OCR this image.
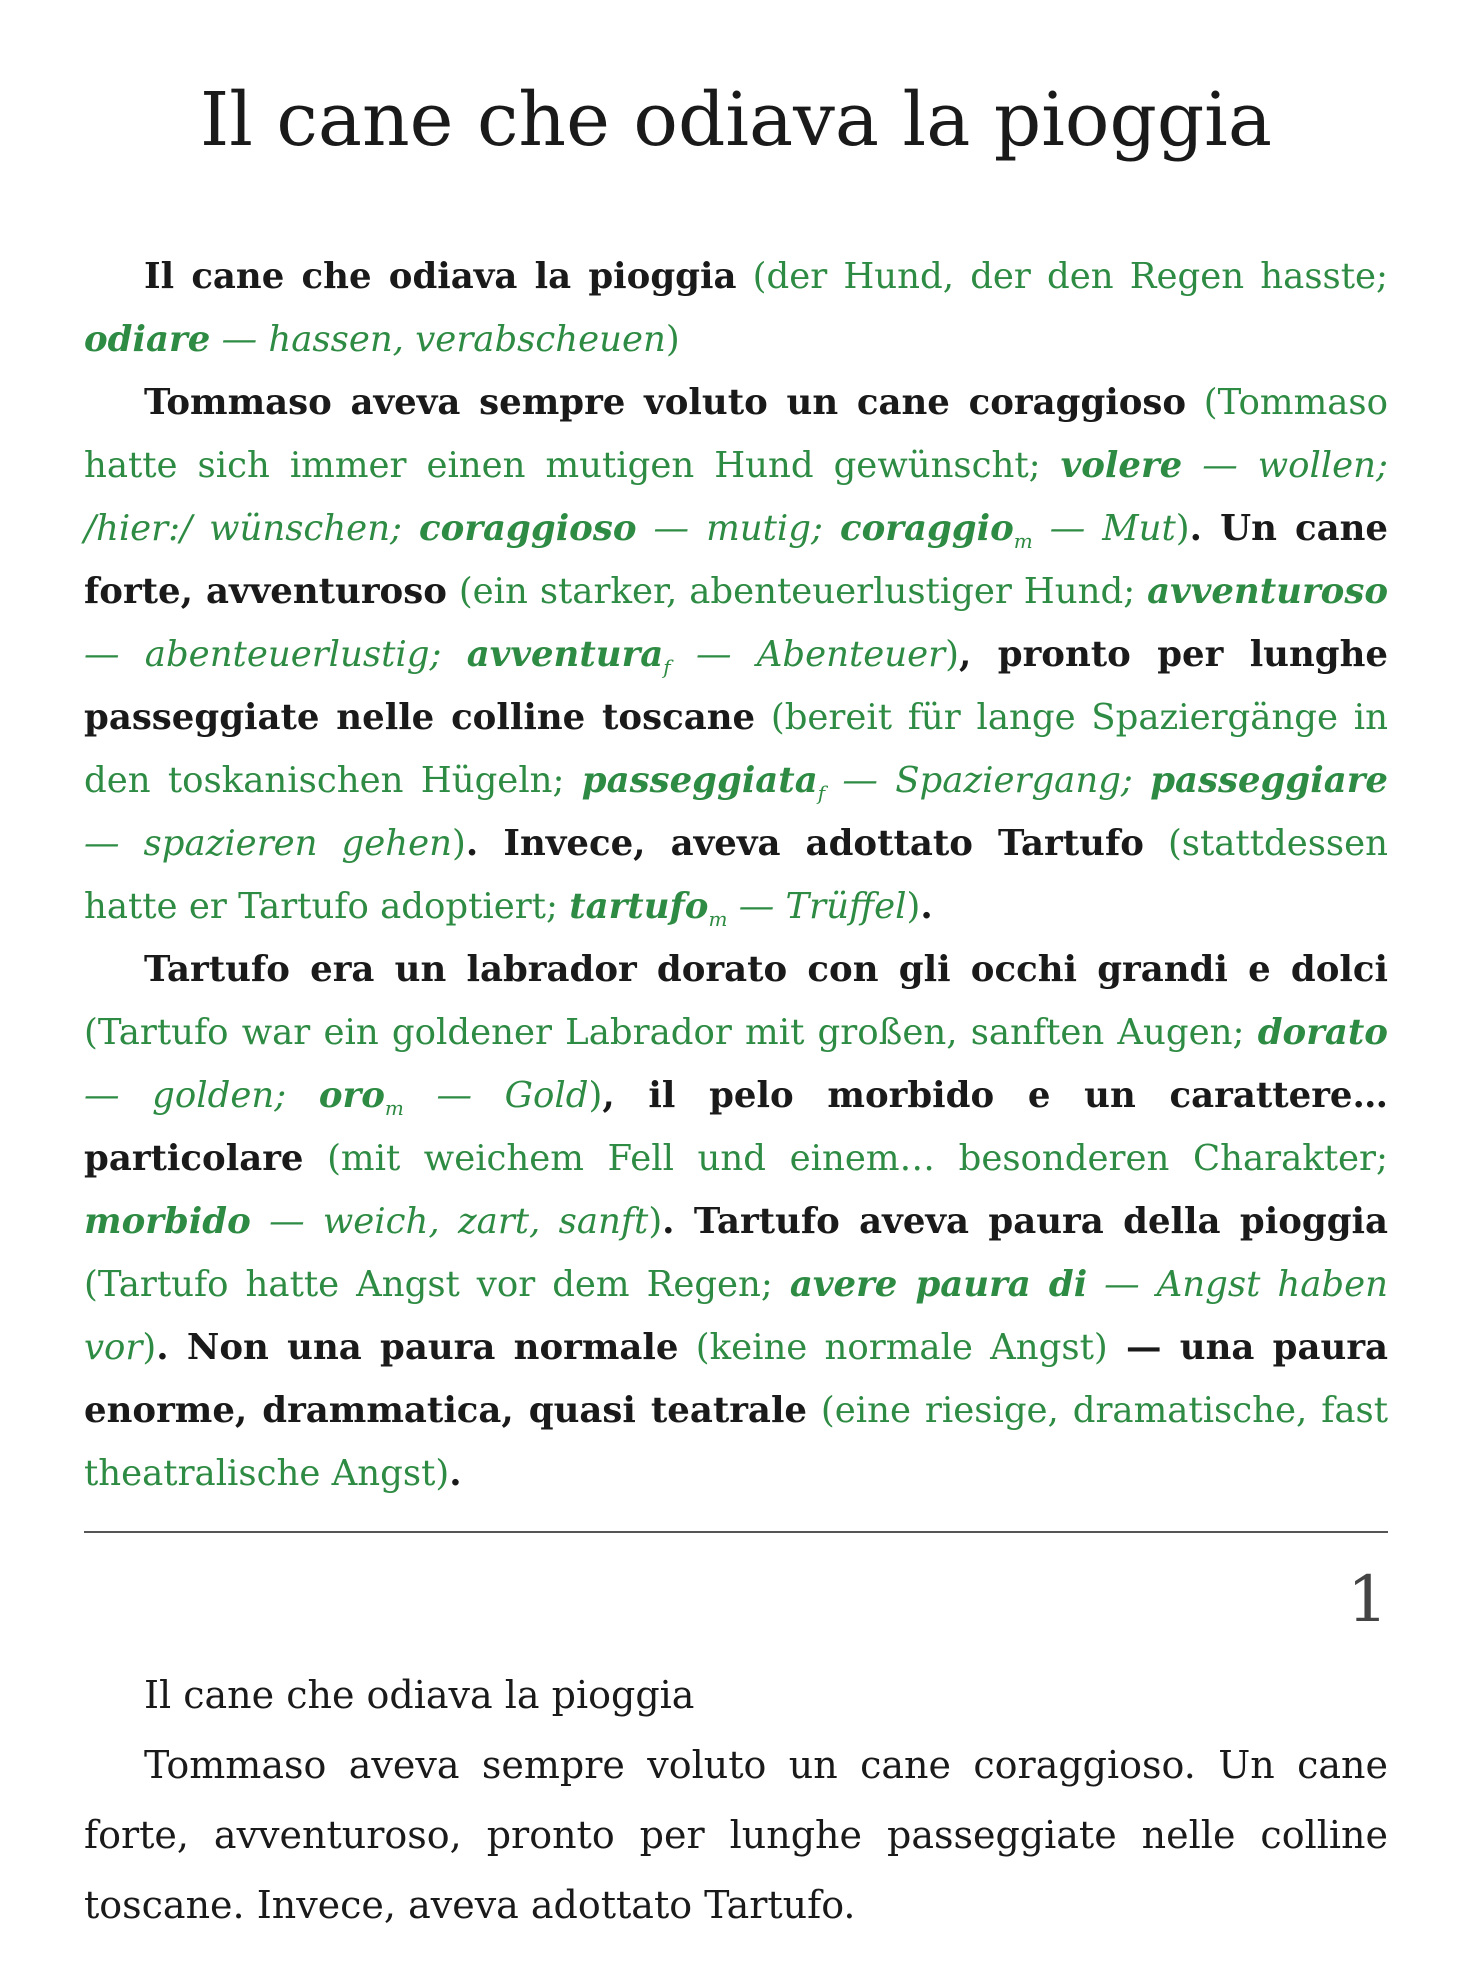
Il cane che odiava la pioggia

Il cane che odiava la pioggia (der Hund, der den Regen hasste; odiare — hassen, verabscheuen)

Tommaso aveva sempre voluto un cane coraggioso (Tommaso hatte sich immer einen mutigen Hund gewünscht; volere — wollen; /hier:/ wünschen; coraggioso — mutig; coraggio$_m$ — Mut). Un cane forte, avventuroso (ein starker, abenteuerlustiger Hund; avventuroso — abenteuerlustig; avventura$_f$ — Abenteuer), pronto per lunghe passeggiate nelle colline toscane (bereit für lange Spaziergänge in den toskanischen Hügeln; passeggiata$_f$ — Spaziergang; passeggiare — spazieren gehen). Invece, aveva adottato Tartufo (stattdessen hatte er Tartufo adoptiert; tartufo$_m$ — Trüffel).

Tartufo era un labrador dorato con gli occhi grandi e dolci (Tartufo war ein goldener Labrador mit großen, sanften Augen; dorato — golden; oro$_m$ — Gold), il pelo morbido e un carattere… particolare (mit weichem Fell und einem… besonderen Charakter; morbido — weich, zart, sanft). Tartufo aveva paura della pioggia (Tartufo hatte Angst vor dem Regen; avere paura di — Angst haben vor). Non una paura normale (keine normale Angst) — una paura enorme, drammatica, quasi teatrale (eine riesige, dramatische, fast theatralische Angst).

1

Il cane che odiava la pioggia

Tommaso aveva sempre voluto un cane coraggioso. Un cane forte, avventuroso, pronto per lunghe passeggiate nelle colline toscane. Invece, aveva adottato Tartufo.
